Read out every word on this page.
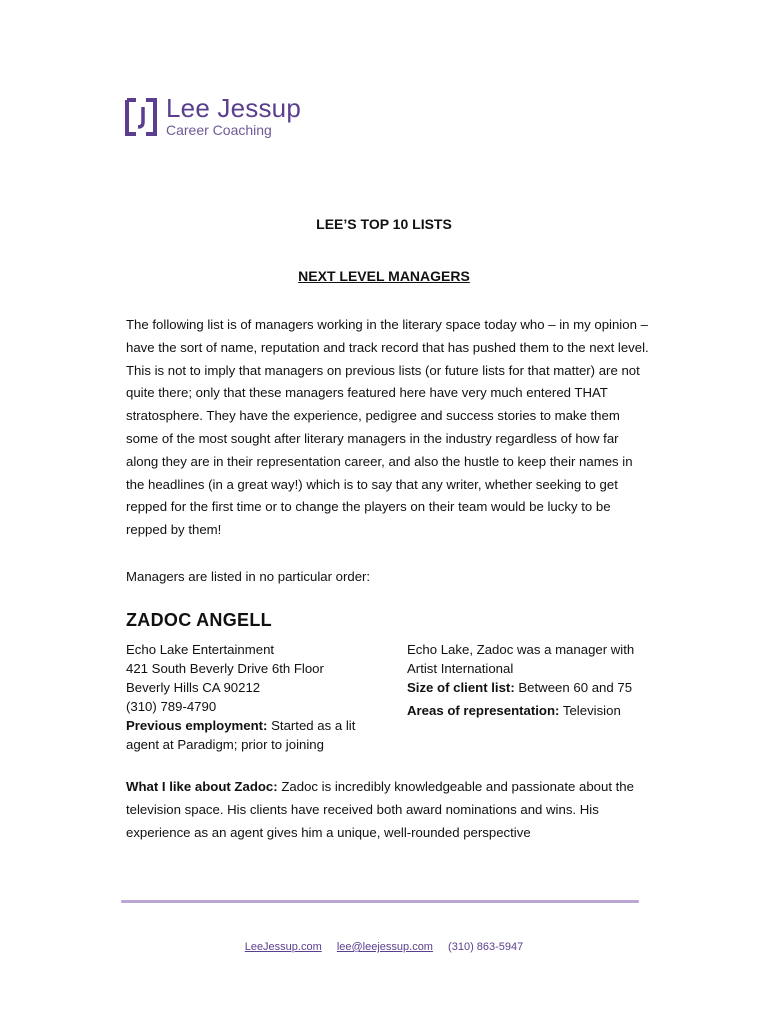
Lee Jessup
Career Coaching
LEE’S TOP 10 LISTS
NEXT LEVEL MANAGERS
The following list is of managers working in the literary space today who – in my opinion – have the sort of name, reputation and track record that has pushed them to the next level. This is not to imply that managers on previous lists (or future lists for that matter) are not quite there; only that these managers featured here have very much entered THAT stratosphere. They have the experience, pedigree and success stories to make them some of the most sought after literary managers in the industry regardless of how far along they are in their representation career, and also the hustle to keep their names in the headlines (in a great way!) which is to say that any writer, whether seeking to get repped for the first time or to change the players on their team would be lucky to be repped by them!
Managers are listed in no particular order:
ZADOC ANGELL
Echo Lake Entertainment
421 South Beverly Drive 6th Floor
Beverly Hills CA 90212
(310) 789-4790
Previous employment: Started as a lit
agent at Paradigm; prior to joining
Echo Lake, Zadoc was a manager with
Artist International
Size of client list: Between 60 and 75
Areas of representation: Television
What I like about Zadoc: Zadoc is incredibly knowledgeable and passionate about the television space. His clients have received both award nominations and wins. His experience as an agent gives him a unique, well-rounded perspective
LeeJessup.com lee@leejessup.com (310) 863-5947
